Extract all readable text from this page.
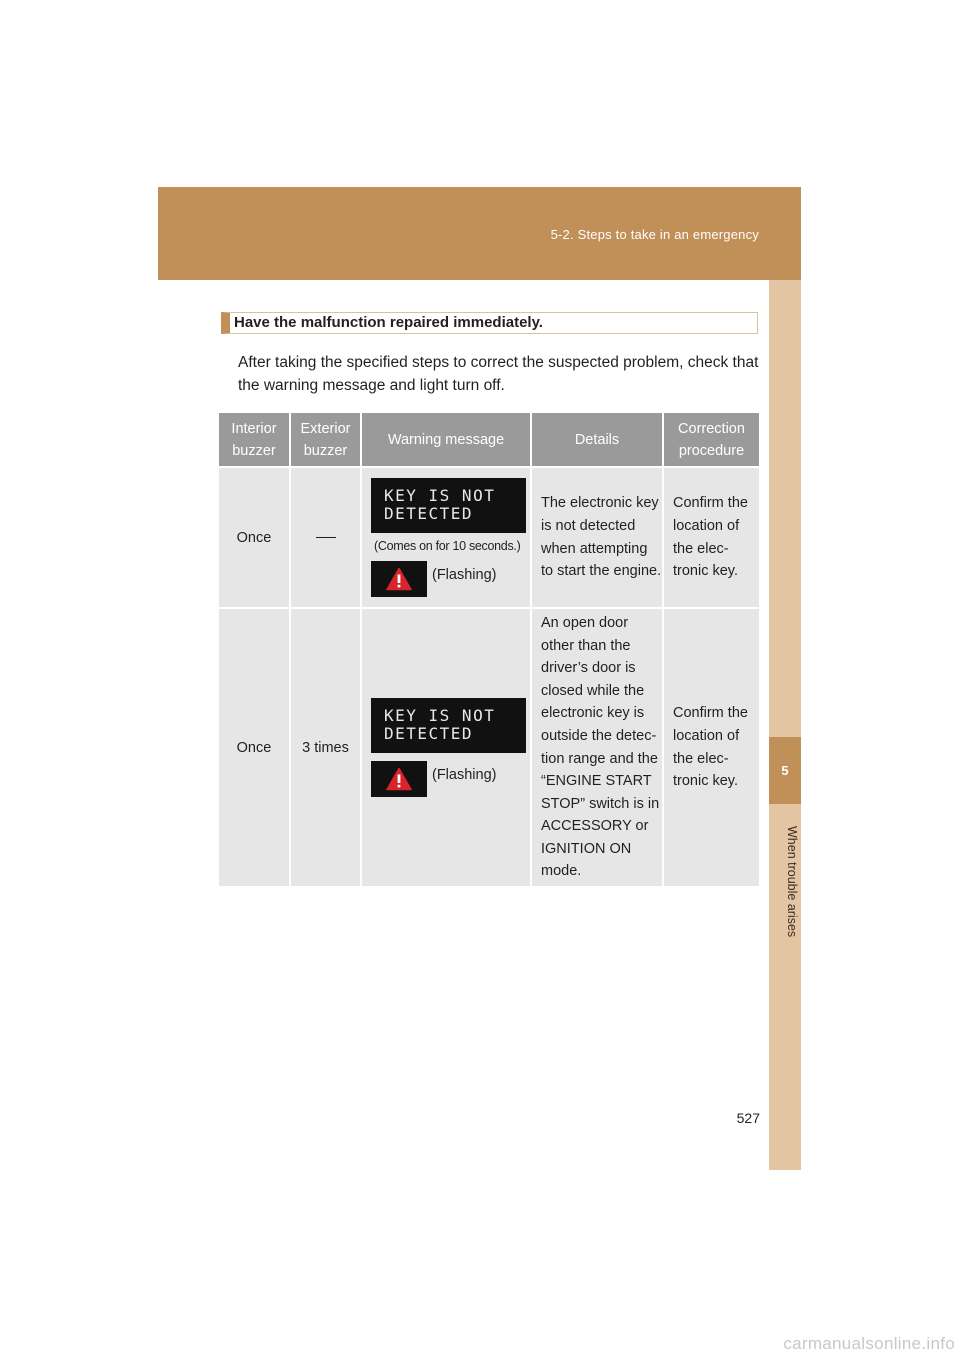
5-2. Steps to take in an emergency
5
When trouble arises
Have the malfunction repaired immediately.
After taking the specified steps to correct the suspected problem, check that the warning message and light turn off.
Interior buzzer	Exterior buzzer	Warning message	Details	Correction procedure
Once		KEY IS NOT
DETECTED
(Comes on for 10 seconds.)
(Flashing)	The electronic key is not detected when attempting to start the engine.	Confirm the location of the elec- tronic key.
Once	3 times	KEY IS NOT
DETECTED
(Flashing)	An open door other than the driver’s door is closed while the electronic key is outside the detec- tion range and the “ENGINE START STOP” switch is in ACCESSORY or IGNITION ON mode.	Confirm the location of the elec- tronic key.
527
carmanualsonline.info
